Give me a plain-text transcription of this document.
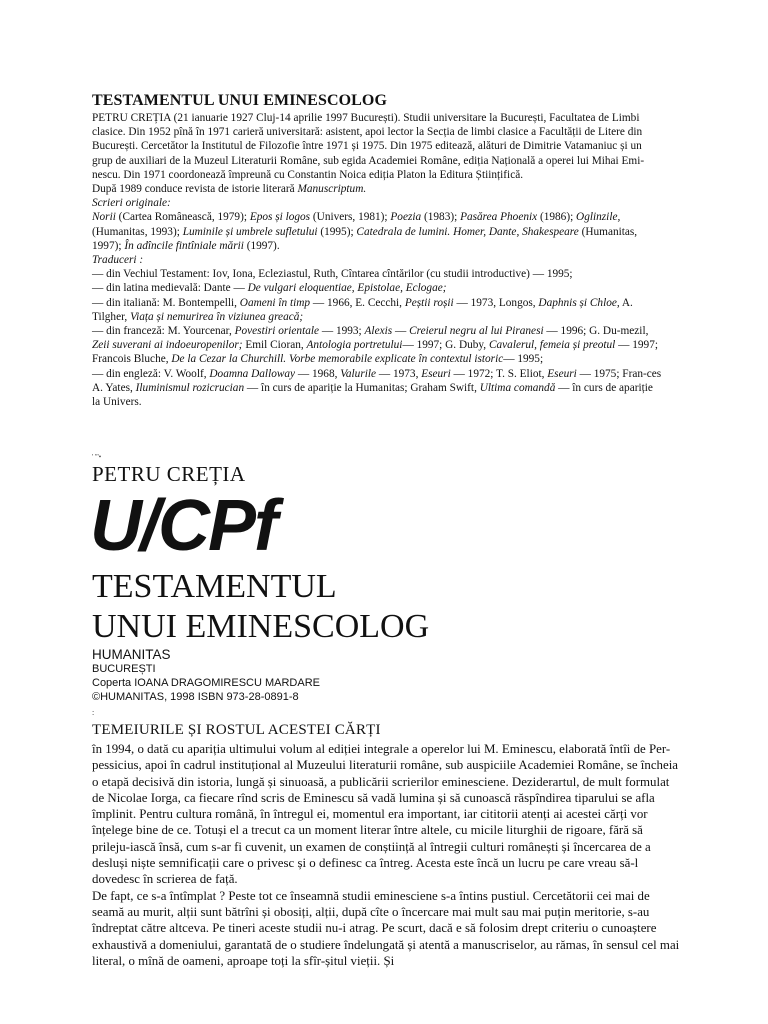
TESTAMENTUL UNUI EMINESCOLOG

PETRU CREȚIA (21 ianuarie 1927 Cluj-14 aprilie 1997 București). Studii universitare la București, Facultatea de Limbi clasice. Din 1952 pînă în 1971 carieră universitară: asistent, apoi lector la Secția de limbi clasice a Facultății de Litere din București. Cercetător la Institutul de Filozofie între 1971 și 1975. Din 1975 editează, alături de Dimitrie Vatamaniuc și un grup de auxiliari de la Muzeul Literaturii Române, sub egida Academiei Române, ediția Națională a operei lui Mihai Emi-nescu. Din 1971 coordonează împreună cu Constantin Noica ediția Platon la Editura Științifică.

După 1989 conduce revista de istorie literară Manuscriptum.

Scrieri originale:

Norii (Cartea Românească, 1979); Epos și logos (Univers, 1981); Poezia (1983); Pasărea Phoenix (1986); Oglinzile, (Humanitas, 1993); Luminile și umbrele sufletului (1995); Catedrala de lumini. Homer, Dante, Shakespeare (Humanitas, 1997); În adîncile fintîniale mării (1997).

Traduceri :

— din Vechiul Testament: Iov, Iona, Ecleziastul, Ruth, Cîntarea cîntărilor (cu studii introductive) — 1995;

— din latina medievală: Dante — De vulgari eloquentiae, Epistolae, Eclogae;

— din italiană: M. Bontempelli, Oameni în timp — 1966, E. Cecchi, Peștii roșii — 1973, Longos, Daphnis și Chloe, A. Tilgher, Viața și nemurirea în viziunea greacă;

— din franceză: M. Yourcenar, Povestiri orientale — 1993; Alexis — Creierul negru al lui Piranesi — 1996; G. Du-mezil, Zeii suverani ai indoeuropenilor; Emil Cioran, Antologia portretului— 1997; G. Duby, Cavalerul, femeia și preotul — 1997; Francois Bluche, De la Cezar la Churchill. Vorbe memorabile explicate în contextul istoric— 1995;

— din engleză: V. Woolf, Doamna Dalloway — 1968, Valurile — 1973, Eseuri — 1972; T. S. Eliot, Eseuri — 1975; Fran-ces A. Yates, Iluminismul rozicrucian — în curs de apariție la Humanitas; Graham Swift, Ultima comandă — în curs de apariție la Univers.

' '''•
PETRU CREȚIA
U/CPf
TESTAMENTUL
UNUI EMINESCOLOG
HUMANITAS
BUCUREȘTI
Coperta IOANA DRAGOMIRESCU MARDARE
©HUMANITAS, 1998 ISBN 973-28-0891-8
:
TEMEIURILE ȘI ROSTUL ACESTEI CĂRȚI

în 1994, o dată cu apariția ultimului volum al ediției integrale a operelor lui M. Eminescu, elaborată întîi de Per-pessicius, apoi în cadrul instituțional al Muzeului literaturii române, sub auspiciile Academiei Române, se încheia o etapă decisivă din istoria, lungă și sinuoasă, a publicării scrierilor eminesciene. Deziderartul, de mult formulat de Nicolae Iorga, ca fiecare rînd scris de Eminescu să vadă lumina și să cunoască răspîndirea tiparului se afla împlinit. Pentru cultura română, în întregul ei, momentul era important, iar cititorii atenți ai acestei cărți vor înțelege bine de ce. Totuși el a trecut ca un moment literar între altele, cu micile liturghii de rigoare, fără să prileju-iască însă, cum s-ar fi cuvenit, un examen de conștiință al întregii culturi românești și încercarea de a desluși niște semnificații care o privesc și o definesc ca întreg. Acesta este încă un lucru pe care vreau să-l dovedesc în scrierea de față.

De fapt, ce s-a întîmplat ? Peste tot ce înseamnă studii eminesciene s-a întins pustiul. Cercetătorii cei mai de seamă au murit, alții sunt bătrîni și obosiți, alții, după cîte o încercare mai mult sau mai puțin meritorie, s-au îndreptat către altceva. Pe tineri aceste studii nu-i atrag. Pe scurt, dacă e să folosim drept criteriu o cunoaștere exhaustivă a domeniului, garantată de o studiere îndelungată și atentă a manuscriselor, au rămas, în sensul cel mai literal, o mînă de oameni, aproape toți la sfîr-șitul vieții. Și
